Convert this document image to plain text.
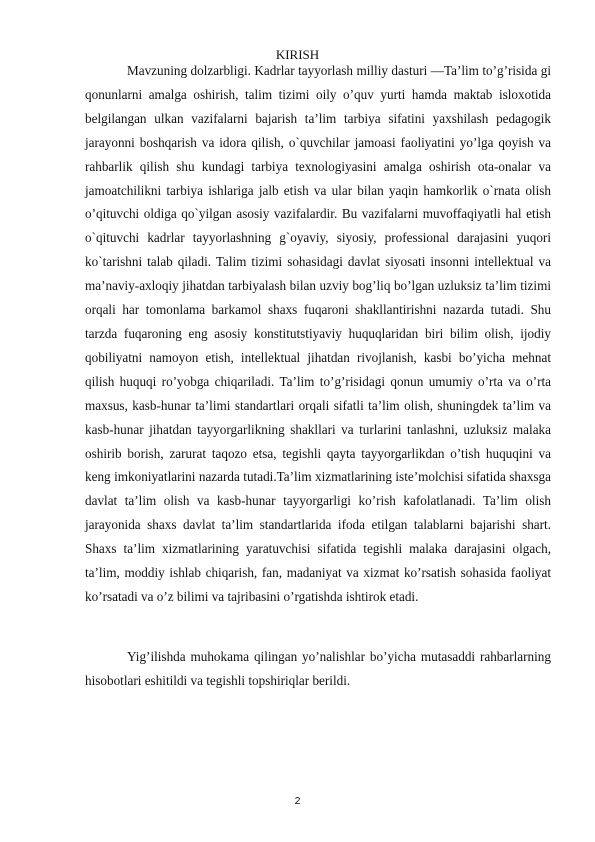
KIRISH

Mavzuning dolzarbligi. Kadrlar tayyorlash milliy dasturi —Ta’lim to’g’risida gi qonunlarni amalga oshirish, talim tizimi oily o’quv yurti hamda maktab isloxotida belgilangan ulkan vazifalarni bajarish ta’lim tarbiya sifatini yaxshilash pedagogik jarayonni boshqarish va idora qilish, o`quvchilar jamoasi faoliyatini yo’lga qoyish va rahbarlik qilish shu kundagi tarbiya texnologiyasini amalga oshirish ota-onalar va jamoatchilikni tarbiya ishlariga jalb etish va ular bilan yaqin hamkorlik o`rnata olish o’qituvchi oldiga qo`yilgan asosiy vazifalardir. Bu vazifalarni muvoffaqiyatli hal etish o`qituvchi kadrlar tayyorlashning g`oyaviy, siyosiy, professional darajasini yuqori ko`tarishni talab qiladi. Talim tizimi sohasidagi davlat siyosati insonni intellektual va ma’naviy-axloqiy jihatdan tarbiyalash bilan uzviy bog’liq bo’lgan uzluksiz ta’lim tizimi orqali har tomonlama barkamol shaxs fuqaroni shakllantirishni nazarda tutadi. Shu tarzda fuqaroning eng asosiy konstitutstiyaviy huquqlaridan biri bilim olish, ijodiy qobiliyatni namoyon etish, intellektual jihatdan rivojlanish, kasbi bo’yicha mehnat qilish huquqi ro’yobga chiqariladi. Ta’lim to’g’risidagi qonun umumiy o’rta va o’rta maxsus, kasb-hunar ta’limi standartlari orqali sifatli ta’lim olish, shuningdek ta’lim va kasb-hunar jihatdan tayyorgarlikning shakllari va turlarini tanlashni, uzluksiz malaka oshirib borish, zarurat taqozo etsa, tegishli qayta tayyorgarlikdan o’tish huquqini va keng imkoniyatlarini nazarda tutadi.Ta’lim xizmatlarining iste’molchisi sifatida shaxsga davlat ta’lim olish va kasb-hunar tayyorgarligi ko’rish kafolatlanadi. Ta’lim olish jarayonida shaxs davlat ta’lim standartlarida ifoda etilgan talablarni bajarishi shart. Shaxs ta’lim xizmatlarining yaratuvchisi sifatida tegishli malaka darajasini olgach, ta’lim, moddiy ishlab chiqarish, fan, madaniyat va xizmat ko’rsatish sohasida faoliyat ko’rsatadi va o’z bilimi va tajribasini o’rgatishda ishtirok etadi.

Yig’ilishda muhokama qilingan yo’nalishlar bo’yicha mutasaddi rahbarlarning hisobotlari eshitildi va tegishli topshiriqlar berildi.

2
